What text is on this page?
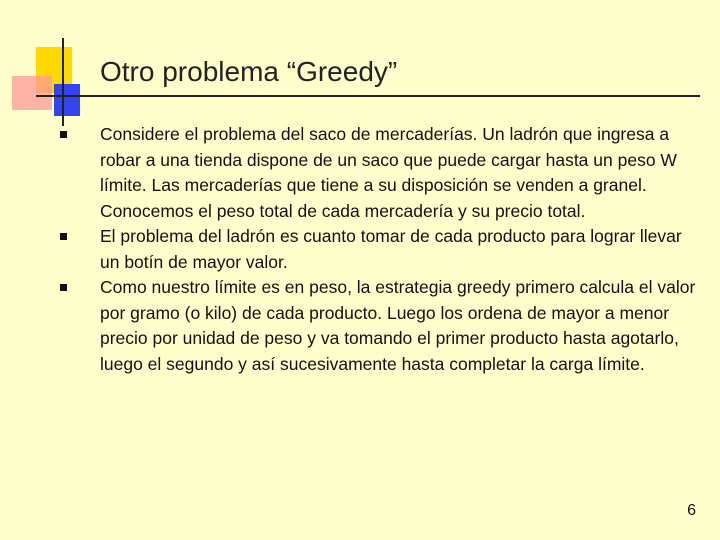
Otro problema “Greedy”
Considere el problema del saco de mercaderías. Un ladrón que ingresa a robar a una tienda dispone de un saco que puede cargar hasta un peso W límite. Las mercaderías que tiene a su disposición se venden a granel. Conocemos el peso total de cada mercadería y su precio total.
El problema del ladrón es cuanto tomar de cada producto para lograr llevar un botín de mayor valor.
Como nuestro límite es en peso, la estrategia greedy primero calcula el valor por gramo (o kilo) de cada producto. Luego los ordena de mayor a menor precio por unidad de peso y va tomando el primer producto hasta agotarlo, luego el segundo y así sucesivamente hasta completar la carga límite.
6
